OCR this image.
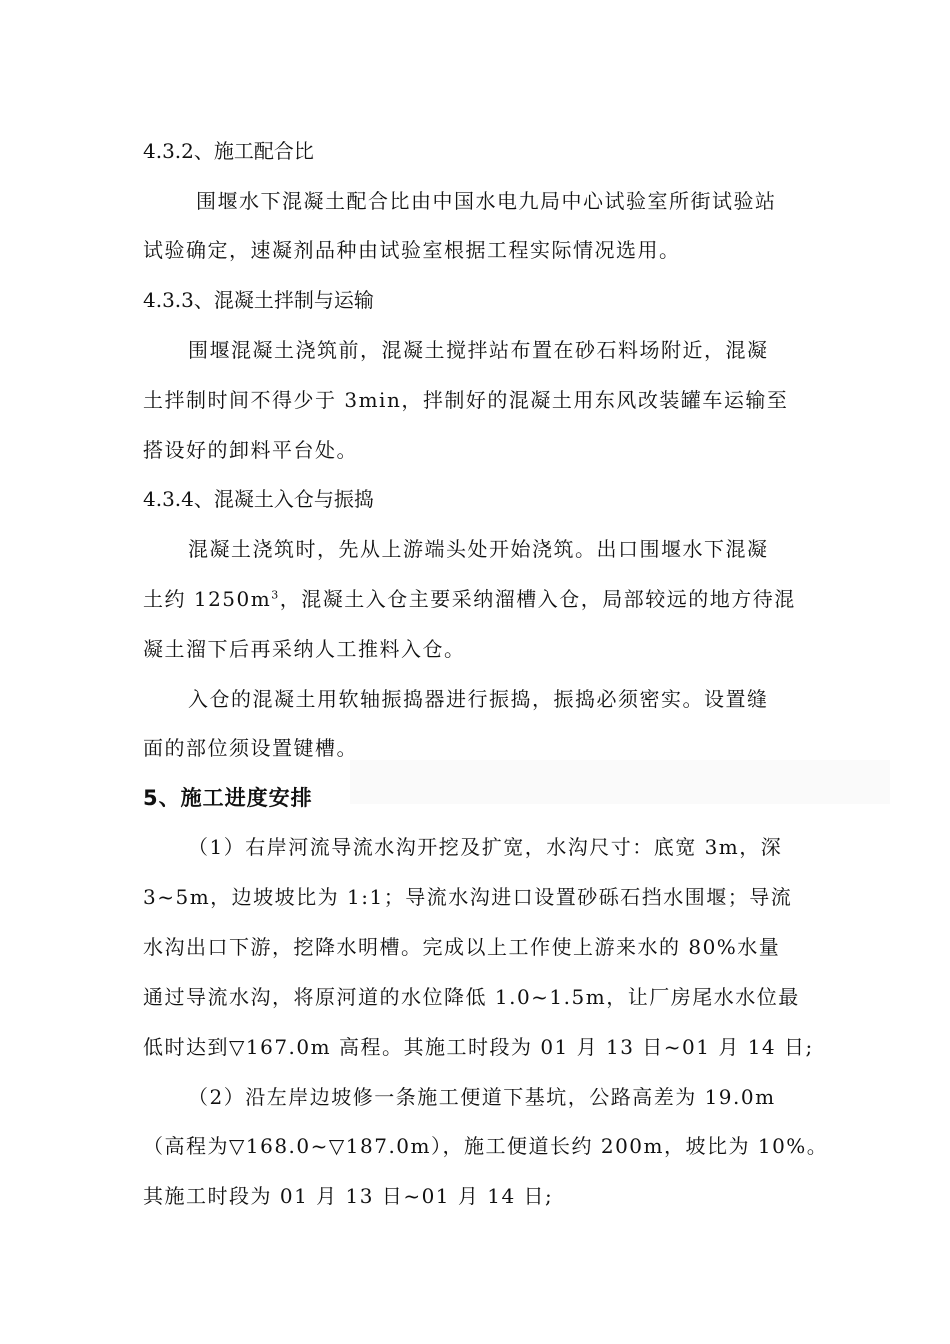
4.3.2、施工配合比
围堰水下混凝土配合比由中国水电九局中心试验室所街试验站
试验确定，速凝剂品种由试验室根据工程实际情况选用。
4.3.3、混凝土拌制与运输
围堰混凝土浇筑前，混凝土搅拌站布置在砂石料场附近，混凝
土拌制时间不得少于 3min，拌制好的混凝土用东风改装罐车运输至
搭设好的卸料平台处。
4.3.4、混凝土入仓与振捣
混凝土浇筑时，先从上游端头处开始浇筑。出口围堰水下混凝
土约 $1250m^3$，混凝土入仓主要采纳溜槽入仓，局部较远的地方待混
凝土溜下后再采纳人工推料入仓。
入仓的混凝土用软轴振捣器进行振捣，振捣必须密实。设置缝
面的部位须设置键槽。
5、施工进度安排
（1）右岸河流导流水沟开挖及扩宽，水沟尺寸：底宽 3m，深
3~5m，边坡坡比为 1:1；导流水沟进口设置砂砾石挡水围堰；导流
水沟出口下游，挖降水明槽。完成以上工作使上游来水的 80%水量
通过导流水沟，将原河道的水位降低 1.0~1.5m，让厂房尾水水位最
低时达到▽167.0m 高程。其施工时段为 01 月 13 日~01 月 14 日;
（2）沿左岸边坡修一条施工便道下基坑，公路高差为 19.0m
（高程为▽168.0~▽187.0m），施工便道长约 200m，坡比为 10%。
其施工时段为 01 月 13 日~01 月 14 日;
